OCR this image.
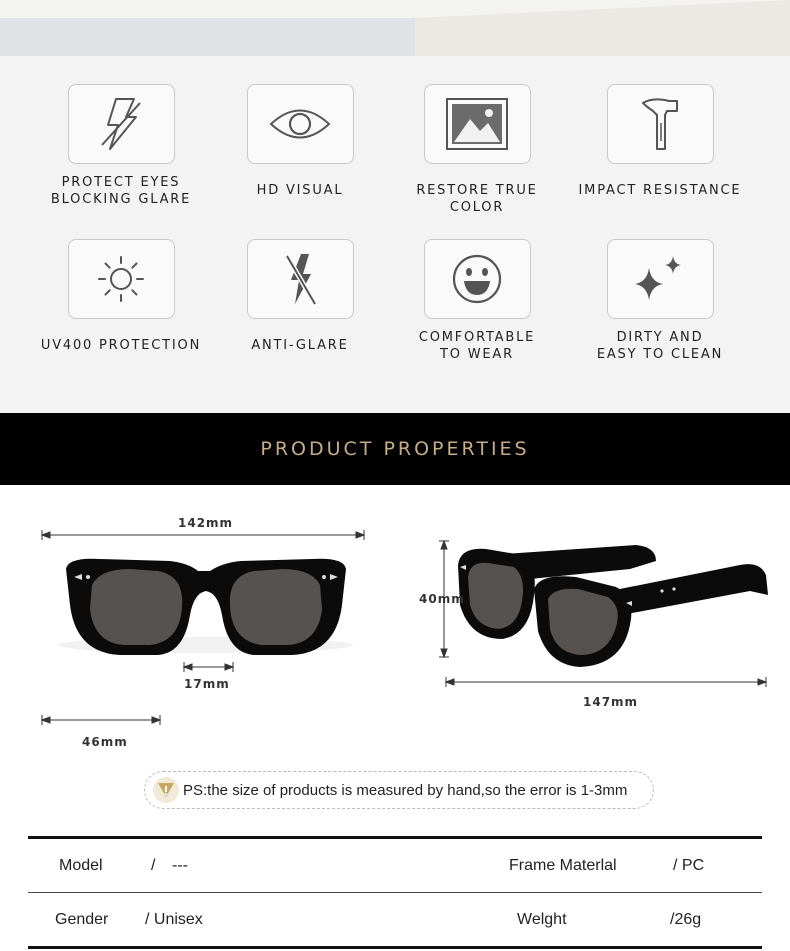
PROTECT EYES
BLOCKING GLARE
HD VISUAL	RESTORE TRUE COLOR
IMPACT RESISTANCE
UV400 PROTECTION	ANTI-GLARE
COMFORTABLE
TO WEAR
DIRTY AND
EASY TO CLEAN
PRODUCT PROPERTIES
142mm
17mm
46mm
40mm
147mm
PS:the size of products is measured by hand,so the error is 1-3mm
Model	/ ---	Frame Materlal	/ PC
Gender / Unisex	Welght	/26g
